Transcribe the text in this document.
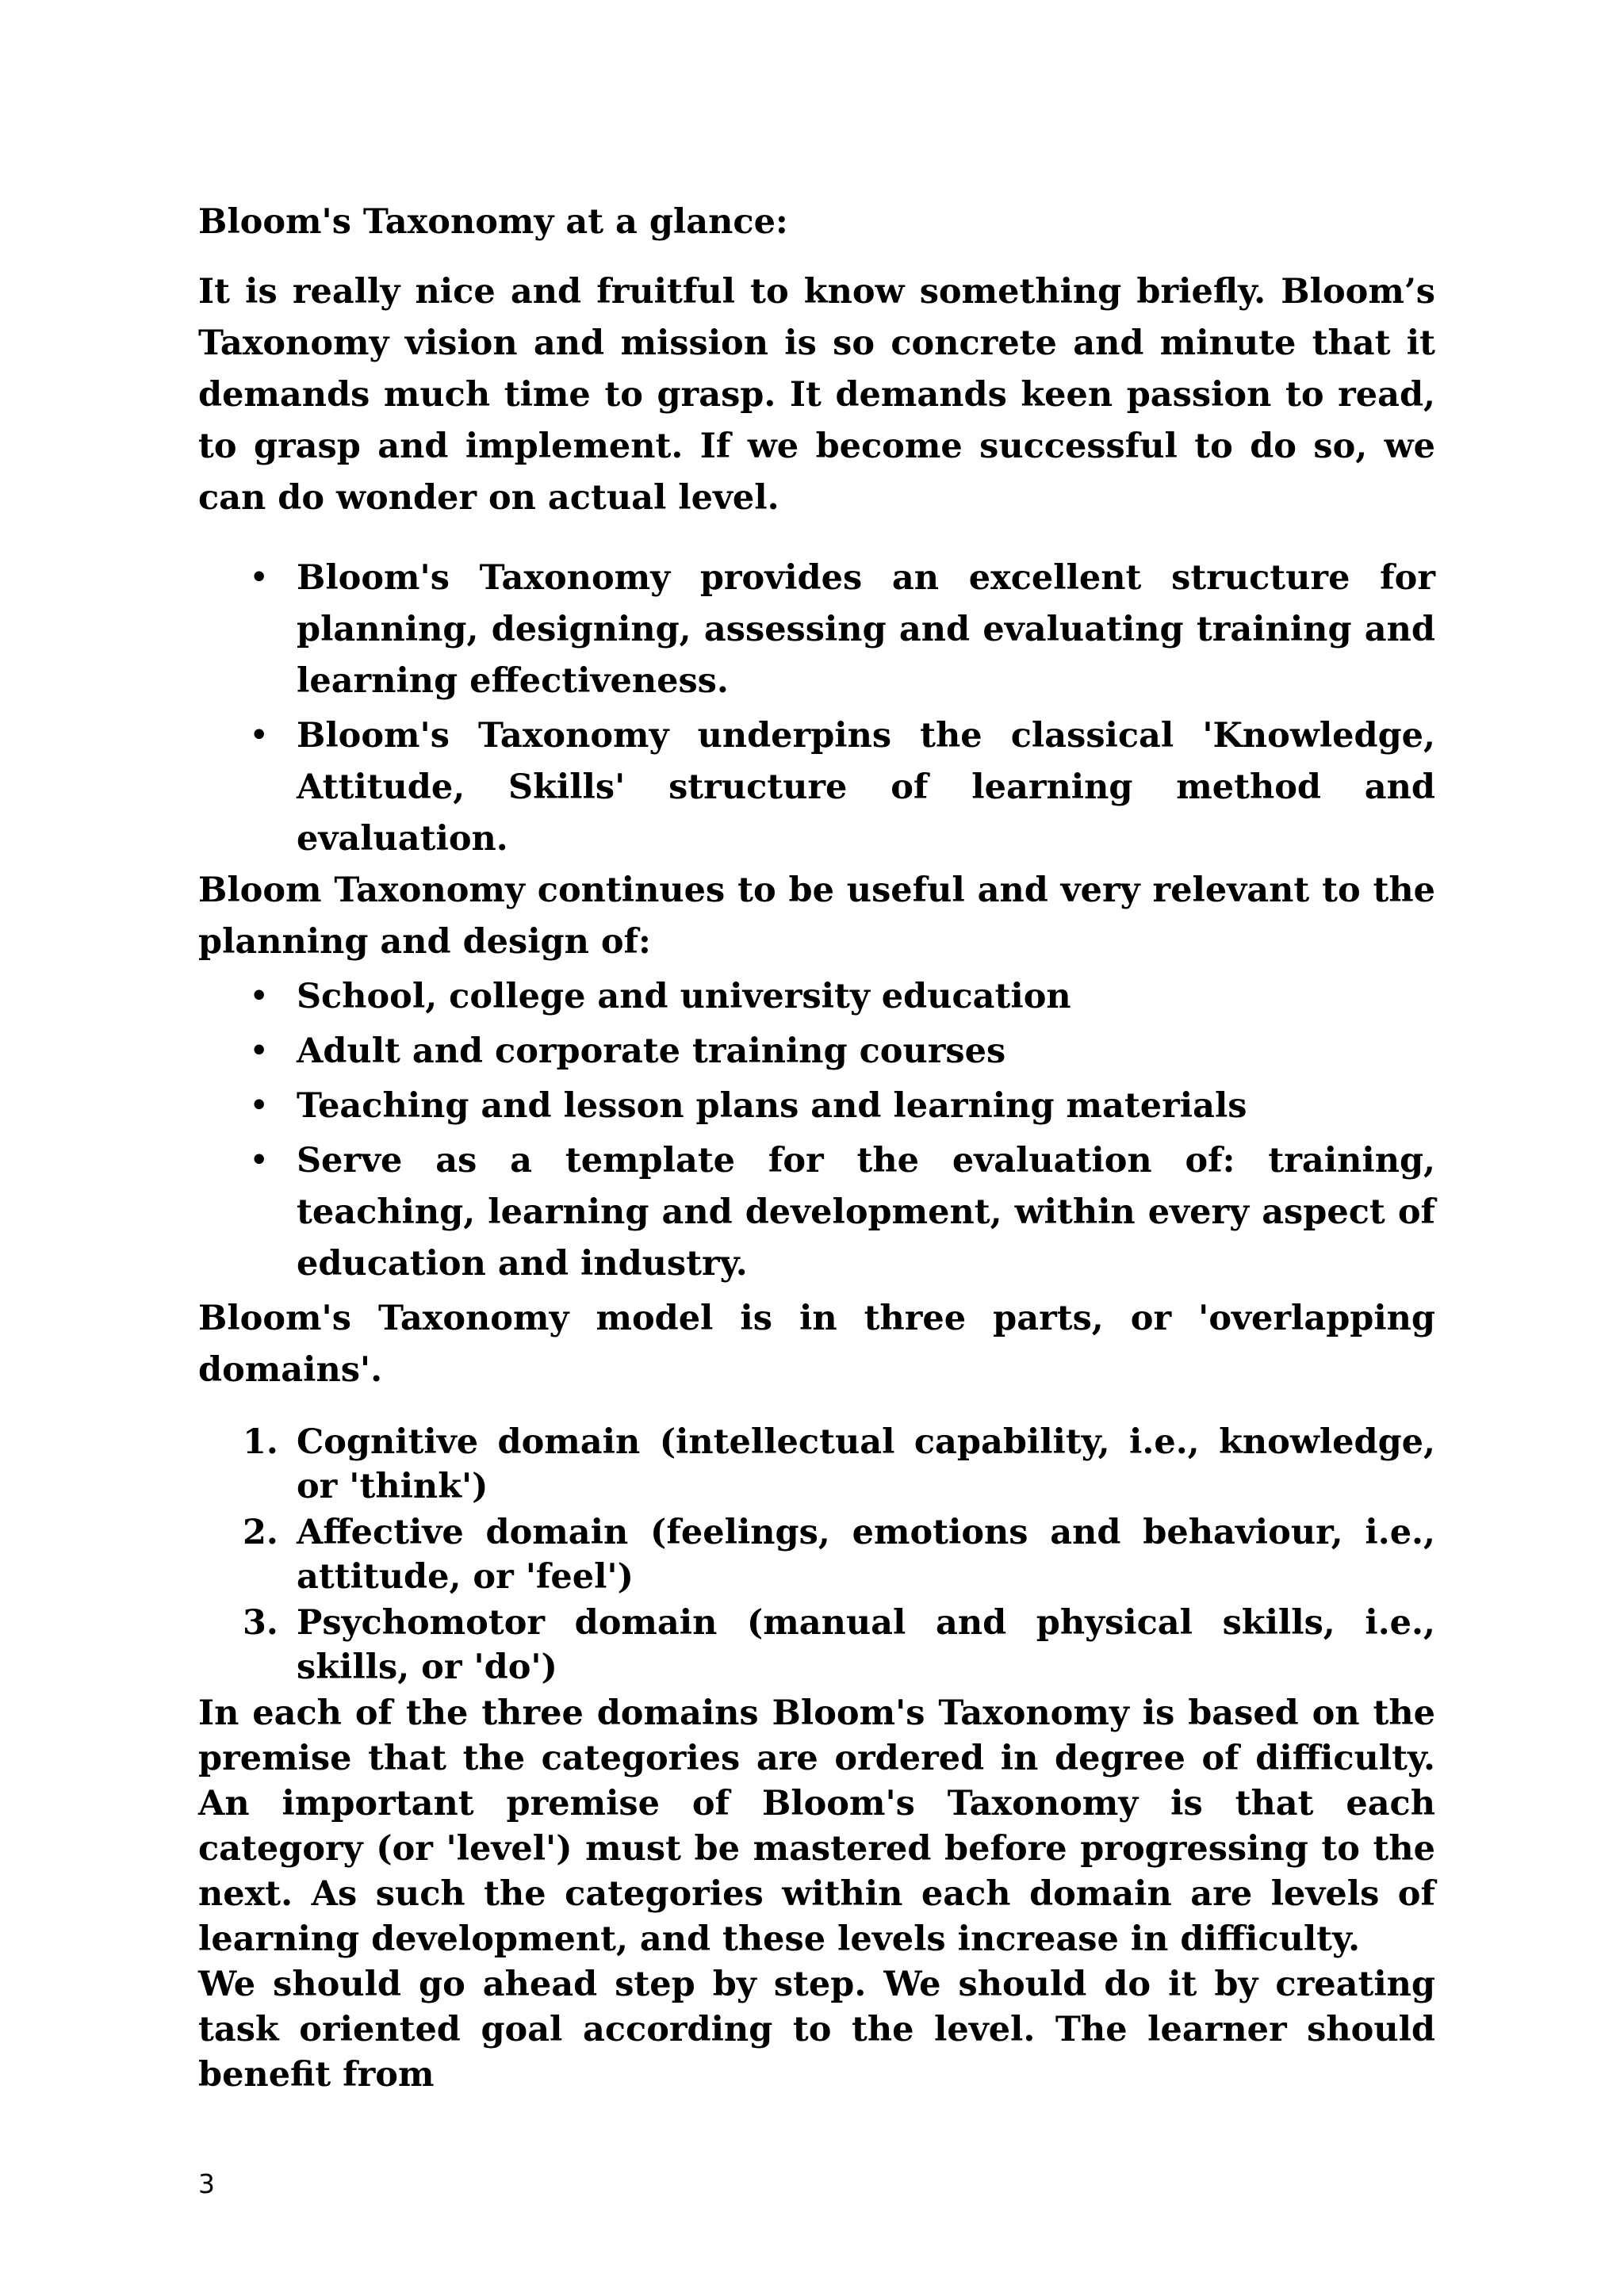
Bloom's Taxonomy at a glance:

It is really nice and fruitful to know something briefly. Bloom’s Taxonomy vision and mission is so concrete and minute that it demands much time to grasp. It demands keen passion to read, to grasp and implement. If we become successful to do so, we can do wonder on actual level.

• Bloom's Taxonomy provides an excellent structure for planning, designing, assessing and evaluating training and learning effectiveness.
• Bloom's Taxonomy underpins the classical 'Knowledge, Attitude, Skills' structure of learning method and evaluation.

Bloom Taxonomy continues to be useful and very relevant to the planning and design of:

• School, college and university education
• Adult and corporate training courses
• Teaching and lesson plans and learning materials
• Serve as a template for the evaluation of: training, teaching, learning and development, within every aspect of education and industry.

Bloom's Taxonomy model is in three parts, or 'overlapping domains'.

1. Cognitive domain (intellectual capability, i.e., knowledge, or 'think')
2. Affective domain (feelings, emotions and behaviour, i.e., attitude, or 'feel')
3. Psychomotor domain (manual and physical skills, i.e., skills, or 'do')

In each of the three domains Bloom's Taxonomy is based on the premise that the categories are ordered in degree of difficulty. An important premise of Bloom's Taxonomy is that each category (or 'level') must be mastered before progressing to the next. As such the categories within each domain are levels of learning development, and these levels increase in difficulty.

We should go ahead step by step. We should do it by creating task oriented goal according to the level. The learner should benefit from

3
